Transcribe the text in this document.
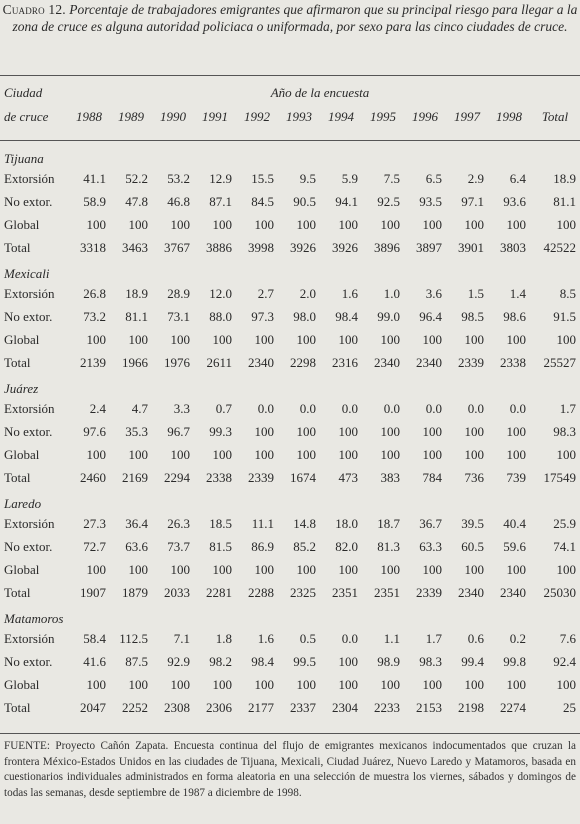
Cuadro 12. Porcentaje de trabajadores emigrantes que afirmaron que su principal riesgo para llegar a la zona de cruce es alguna autoridad policiaca o uniformada, por sexo para las cinco ciudades de cruce.
Ciudad	Año de la encuesta
de cruce	1988	1989	1990	1991	1992	1993	1994	1995	1996	1997	1998	Total

Tijuana												
Extorsión	41.1	52.2	53.2	12.9	15.5	9.5	5.9	7.5	6.5	2.9	6.4	18.9
No extor.	58.9	47.8	46.8	87.1	84.5	90.5	94.1	92.5	93.5	97.1	93.6	81.1
Global	100	100	100	100	100	100	100	100	100	100	100	100
Total	3318	3463	3767	3886	3998	3926	3926	3896	3897	3901	3803	42522
Mexicali												
Extorsión	26.8	18.9	28.9	12.0	2.7	2.0	1.6	1.0	3.6	1.5	1.4	8.5
No extor.	73.2	81.1	73.1	88.0	97.3	98.0	98.4	99.0	96.4	98.5	98.6	91.5
Global	100	100	100	100	100	100	100	100	100	100	100	100
Total	2139	1966	1976	2611	2340	2298	2316	2340	2340	2339	2338	25527
Juárez												
Extorsión	2.4	4.7	3.3	0.7	0.0	0.0	0.0	0.0	0.0	0.0	0.0	1.7
No extor.	97.6	35.3	96.7	99.3	100	100	100	100	100	100	100	98.3
Global	100	100	100	100	100	100	100	100	100	100	100	100
Total	2460	2169	2294	2338	2339	1674	473	383	784	736	739	17549
Laredo												
Extorsión	27.3	36.4	26.3	18.5	11.1	14.8	18.0	18.7	36.7	39.5	40.4	25.9
No extor.	72.7	63.6	73.7	81.5	86.9	85.2	82.0	81.3	63.3	60.5	59.6	74.1
Global	100	100	100	100	100	100	100	100	100	100	100	100
Total	1907	1879	2033	2281	2288	2325	2351	2351	2339	2340	2340	25030
Matamoros												
Extorsión	58.4	112.5	7.1	1.8	1.6	0.5	0.0	1.1	1.7	0.6	0.2	7.6
No extor.	41.6	87.5	92.9	98.2	98.4	99.5	100	98.9	98.3	99.4	99.8	92.4
Global	100	100	100	100	100	100	100	100	100	100	100	100
Total	2047	2252	2308	2306	2177	2337	2304	2233	2153	2198	2274	25
FUENTE: Proyecto Cañón Zapata. Encuesta continua del flujo de emigrantes mexicanos indocumentados que cruzan la frontera México-Estados Unidos en las ciudades de Tijuana, Mexicali, Ciudad Juárez, Nuevo Laredo y Matamoros, basada en cuestionarios individuales administrados en forma aleatoria en una selección de muestra los viernes, sábados y domingos de todas las semanas, desde septiembre de 1987 a diciembre de 1998.
